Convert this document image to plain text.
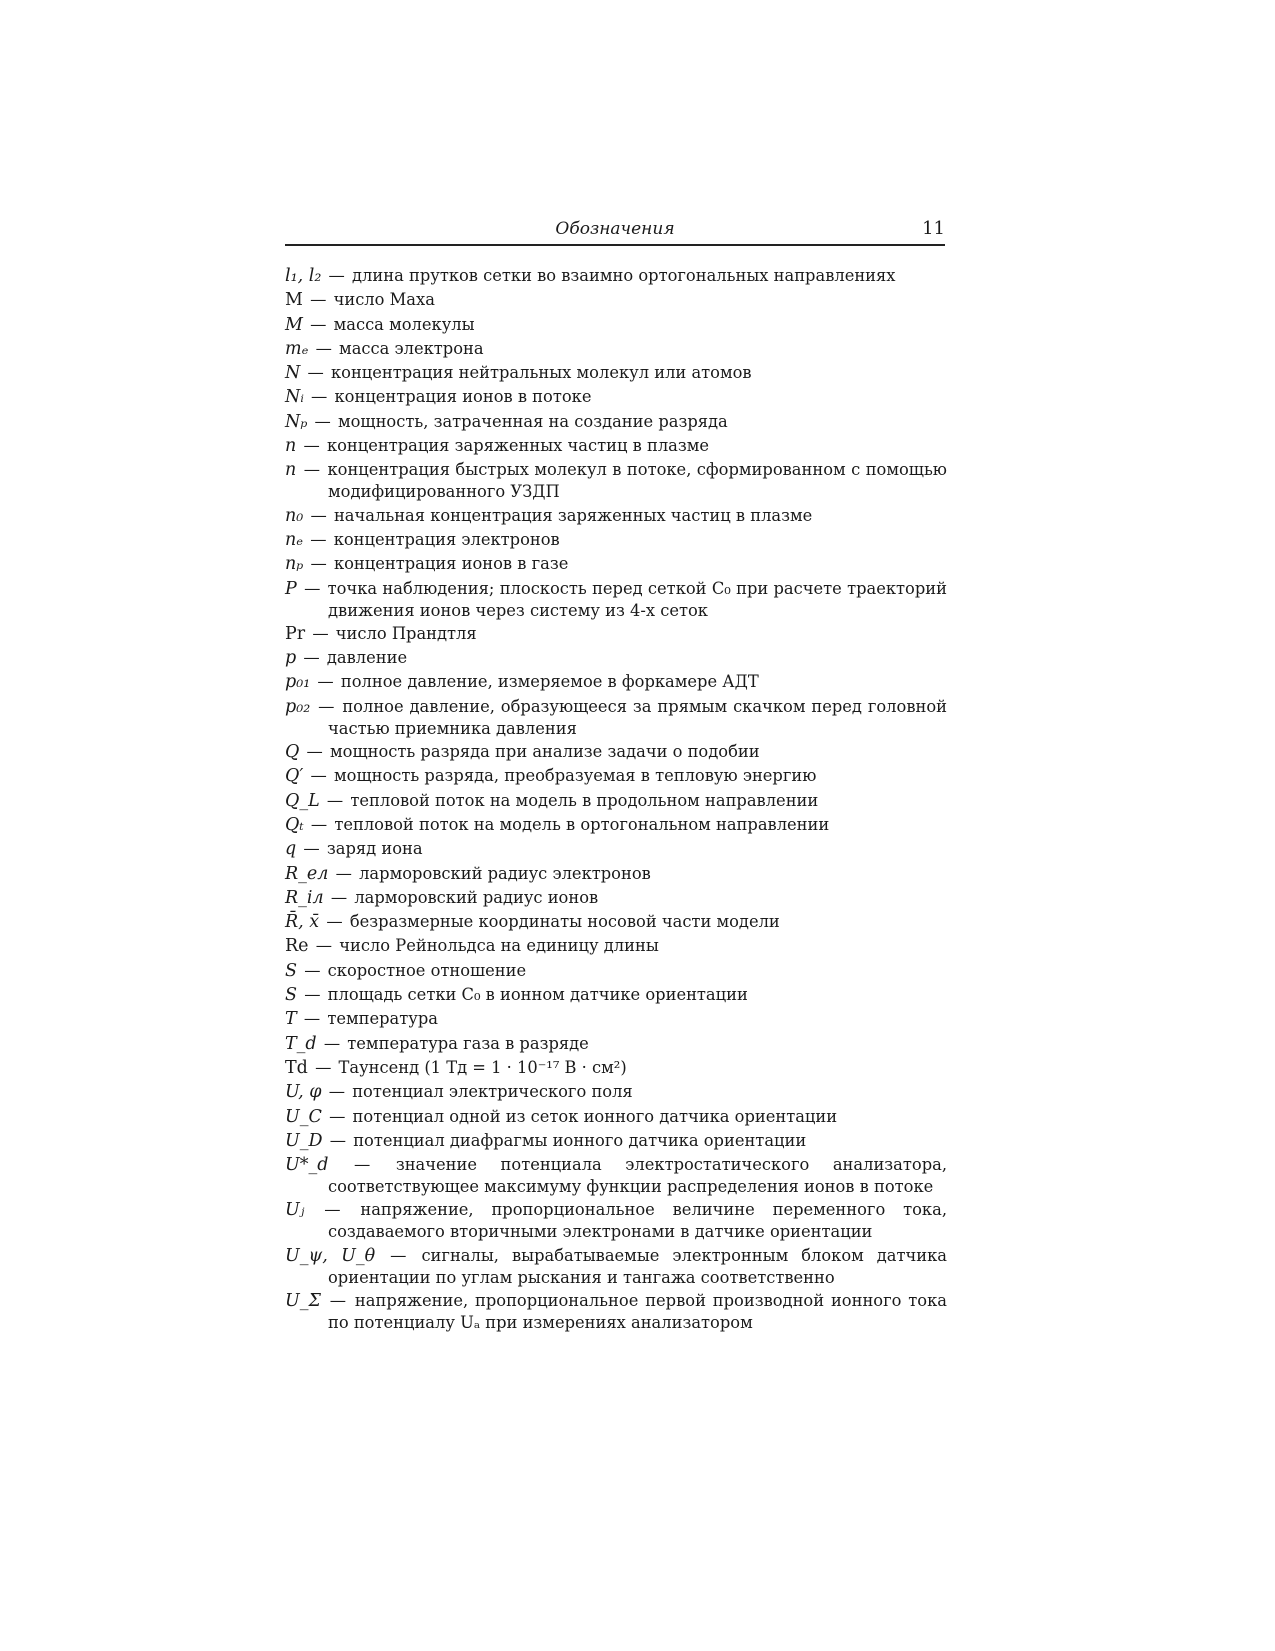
Обозначения	11
l₁, l₂ — длина прутков сетки во взаимно ортогональных направлениях
M — число Маха
M — масса молекулы
mₑ — масса электрона
N — концентрация нейтральных молекул или атомов
Nᵢ — концентрация ионов в потоке
Nₚ — мощность, затраченная на создание разряда
n — концентрация заряженных частиц в плазме
n — концентрация быстрых молекул в потоке, сформированном с помощью модифицированного УЗДП
n₀ — начальная концентрация заряженных частиц в плазме
nₑ — концентрация электронов
nₚ — концентрация ионов в газе
P — точка наблюдения; плоскость перед сеткой C₀ при расчете траекторий движения ионов через систему из 4-х сеток
Pr — число Прандтля
p — давление
p₀₁ — полное давление, измеряемое в форкамере АДТ
p₀₂ — полное давление, образующееся за прямым скачком перед головной частью приемника давления
Q — мощность разряда при анализе задачи о подобии
Q′ — мощность разряда, преобразуемая в тепловую энергию
Q_L — тепловой поток на модель в продольном направлении
Qₜ — тепловой поток на модель в ортогональном направлении
q — заряд иона
R_eл — ларморовский радиус электронов
R_iл — ларморовский радиус ионов
R̄, x̄ — безразмерные координаты носовой части модели
Re — число Рейнольдса на единицу длины
S — скоростное отношение
S — площадь сетки C₀ в ионном датчике ориентации
T — температура
T_d — температура газа в разряде
Td — Таунсенд (1 Тд = 1 · 10⁻¹⁷ В · см²)
U, φ — потенциал электрического поля
U_C — потенциал одной из сеток ионного датчика ориентации
U_D — потенциал диафрагмы ионного датчика ориентации
U*_d — значение потенциала электростатического анализатора, соответствующее максимуму функции распределения ионов в потоке
Uⱼ — напряжение, пропорциональное величине переменного тока, создаваемого вторичными электронами в датчике ориентации
U_ψ, U_θ — сигналы, вырабатываемые электронным блоком датчика ориентации по углам рыскания и тангажа соответственно
U_Σ — напряжение, пропорциональное первой производной ионного тока по потенциалу Uₐ при измерениях анализатором
